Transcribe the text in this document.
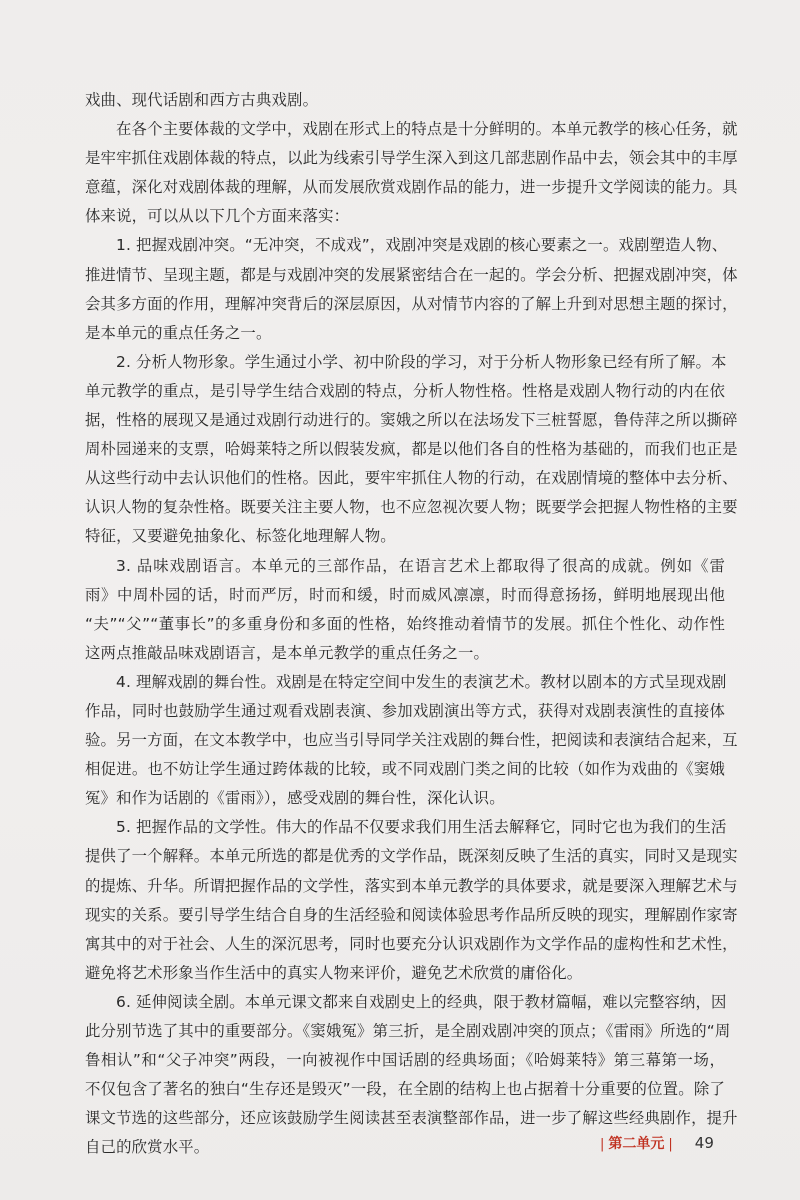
戏曲、现代话剧和西方古典戏剧。
在各个主要体裁的文学中，戏剧在形式上的特点是十分鲜明的。本单元教学的核心任务，就
是牢牢抓住戏剧体裁的特点，以此为线索引导学生深入到这几部悲剧作品中去，领会其中的丰厚
意蕴，深化对戏剧体裁的理解，从而发展欣赏戏剧作品的能力，进一步提升文学阅读的能力。具
体来说，可以从以下几个方面来落实：
1. 把握戏剧冲突。“无冲突，不成戏”，戏剧冲突是戏剧的核心要素之一。戏剧塑造人物、
推进情节、呈现主题，都是与戏剧冲突的发展紧密结合在一起的。学会分析、把握戏剧冲突，体
会其多方面的作用，理解冲突背后的深层原因，从对情节内容的了解上升到对思想主题的探讨，
是本单元的重点任务之一。
2. 分析人物形象。学生通过小学、初中阶段的学习，对于分析人物形象已经有所了解。本
单元教学的重点，是引导学生结合戏剧的特点，分析人物性格。性格是戏剧人物行动的内在依
据，性格的展现又是通过戏剧行动进行的。窦娥之所以在法场发下三桩誓愿，鲁侍萍之所以撕碎
周朴园递来的支票，哈姆莱特之所以假装发疯，都是以他们各自的性格为基础的，而我们也正是
从这些行动中去认识他们的性格。因此，要牢牢抓住人物的行动，在戏剧情境的整体中去分析、
认识人物的复杂性格。既要关注主要人物，也不应忽视次要人物；既要学会把握人物性格的主要
特征，又要避免抽象化、标签化地理解人物。
3. 品味戏剧语言。本单元的三部作品，在语言艺术上都取得了很高的成就。例如《雷
雨》中周朴园的话，时而严厉，时而和缓，时而威风凛凛，时而得意扬扬，鲜明地展现出他
“夫”“父”“董事长”的多重身份和多面的性格，始终推动着情节的发展。抓住个性化、动作性
这两点推敲品味戏剧语言，是本单元教学的重点任务之一。
4. 理解戏剧的舞台性。戏剧是在特定空间中发生的表演艺术。教材以剧本的方式呈现戏剧
作品，同时也鼓励学生通过观看戏剧表演、参加戏剧演出等方式，获得对戏剧表演性的直接体
验。另一方面，在文本教学中，也应当引导同学关注戏剧的舞台性，把阅读和表演结合起来，互
相促进。也不妨让学生通过跨体裁的比较，或不同戏剧门类之间的比较（如作为戏曲的《窦娥
冤》和作为话剧的《雷雨》），感受戏剧的舞台性，深化认识。
5. 把握作品的文学性。伟大的作品不仅要求我们用生活去解释它，同时它也为我们的生活
提供了一个解释。本单元所选的都是优秀的文学作品，既深刻反映了生活的真实，同时又是现实
的提炼、升华。所谓把握作品的文学性，落实到本单元教学的具体要求，就是要深入理解艺术与
现实的关系。要引导学生结合自身的生活经验和阅读体验思考作品所反映的现实，理解剧作家寄
寓其中的对于社会、人生的深沉思考，同时也要充分认识戏剧作为文学作品的虚构性和艺术性，
避免将艺术形象当作生活中的真实人物来评价，避免艺术欣赏的庸俗化。
6. 延伸阅读全剧。本单元课文都来自戏剧史上的经典，限于教材篇幅，难以完整容纳，因
此分别节选了其中的重要部分。《窦娥冤》第三折，是全剧戏剧冲突的顶点；《雷雨》所选的“周
鲁相认”和“父子冲突”两段，一向被视作中国话剧的经典场面；《哈姆莱特》第三幕第一场，
不仅包含了著名的独白“生存还是毁灭”一段，在全剧的结构上也占据着十分重要的位置。除了
课文节选的这些部分，还应该鼓励学生阅读甚至表演整部作品，进一步了解这些经典剧作，提升
自己的欣赏水平。	| 第二单元 | 49
